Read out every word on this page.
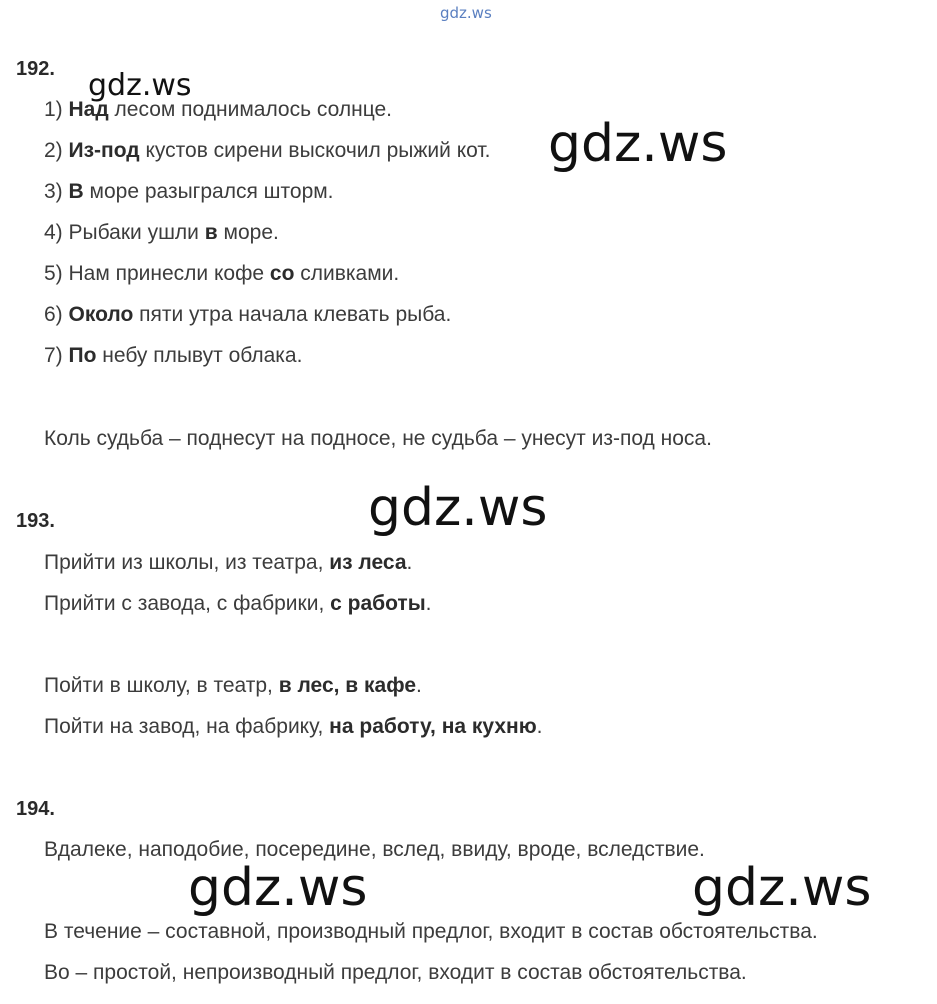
gdz.ws
192.
1) Над лесом поднималось солнце.
2) Из-под кустов сирени выскочил рыжий кот.
3) В море разыгрался шторм.
4) Рыбаки ушли в море.
5) Нам принесли кофе со сливками.
6) Около пяти утра начала клевать рыба.
7) По небу плывут облака.
Коль судьба – поднесут на подносе, не судьба – унесут из-под носа.
193.
Прийти из школы, из театра, из леса.
Прийти с завода, с фабрики, с работы.
Пойти в школу, в театр, в лес, в кафе.
Пойти на завод, на фабрику, на работу, на кухню.
194.
Вдалеке, наподобие, посередине, вслед, ввиду, вроде, вследствие.
В течение – составной, производный предлог, входит в состав обстоятельства.
Во – простой, непроизводный предлог, входит в состав обстоятельства.
gdz.ws
gdz.ws
gdz.ws
gdz.ws	gdz.ws
